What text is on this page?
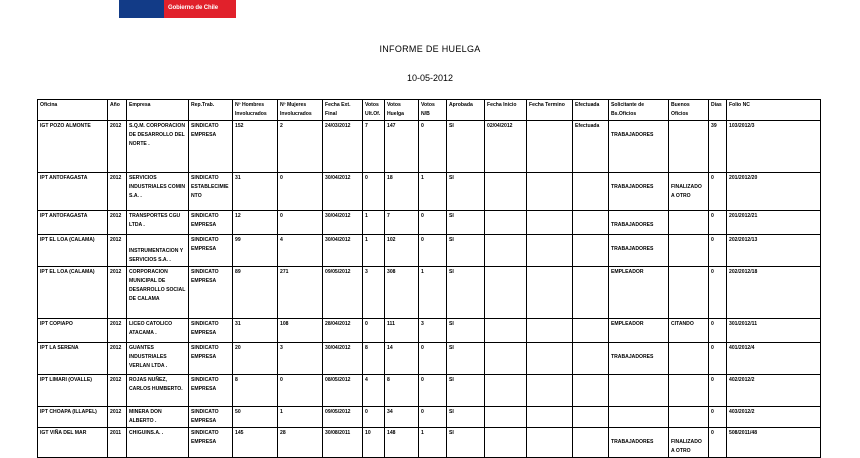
Gobierno de Chile
INFORME DE HUELGA
10-05-2012
Oficina	Año	Empresa	Rep.Trab.	Nº Hombres Involucrados	Nº Mujeres Involucrados	Fecha Ext. Final	Votos Ult.Of.	Votos Huelga	Votos N/B	Aprobada	Fecha Inicio	Fecha Termino	Efectuada	Solicitante de Bs.Oficios	Buenos Oficios	Días	Folio NC
IGT POZO ALMONTE	2012	S.Q.M. CORPORACION DE DESARROLLO DEL NORTE .	SINDICATO EMPRESA	152	2	24/03/2012	7	147	0	SI	02/04/2012		Efectuada	TRABAJADORES		39	103/2012/3
IPT ANTOFAGASTA	2012	SERVICIOS INDUSTRIALES COMIN S.A. .	SINDICATO ESTABLECIMIENTO	31	0	30/04/2012	0	18	1	SI				TRABAJADORES	FINALIZADO A OTRO	0	201/2012/20
IPT ANTOFAGASTA	2012	TRANSPORTES CGU LTDA .	SINDICATO EMPRESA	12	0	30/04/2012	1	7	0	SI				TRABAJADORES		0	201/2012/21
IPT EL LOA (CALAMA)	2012	INSTRUMENTACION Y SERVICIOS S.A. .	SINDICATO EMPRESA	99	4	30/04/2012	1	102	0	SI				TRABAJADORES		0	202/2012/13
IPT EL LOA (CALAMA)	2012	CORPORACION MUNICIPAL DE DESARROLLO SOCIAL DE CALAMA	SINDICATO EMPRESA	89	271	09/05/2012	3	308	1	SI				EMPLEADOR		0	202/2012/18
IPT COPIAPO	2012	LICEO CATOLICO ATACAMA .	SINDICATO EMPRESA	31	108	28/04/2012	0	111	3	SI				EMPLEADOR	CITANDO	0	301/2012/11
IPT LA SERENA	2012	GUANTES INDUSTRIALES VERLAN LTDA .	SINDICATO EMPRESA	20	3	30/04/2012	8	14	0	SI				TRABAJADORES		0	401/2012/4
IPT LIMARI (OVALLE)	2012	ROJAS NUÑEZ, CARLOS HUMBERTO.	SINDICATO EMPRESA	8	0	08/05/2012	4	8	0	SI						0	402/2012/2
IPT CHOAPA (ILLAPEL)	2012	MINERA DON ALBERTO .	SINDICATO EMPRESA	50	1	09/05/2012	0	34	0	SI						0	403/2012/2
IGT VIÑA DEL MAR	2011	CHIGUINS.A. .	SINDICATO EMPRESA	145	28	30/08/2011	10	148	1	SI				TRABAJADORES	FINALIZADO A OTRO	0	508/2011/48
